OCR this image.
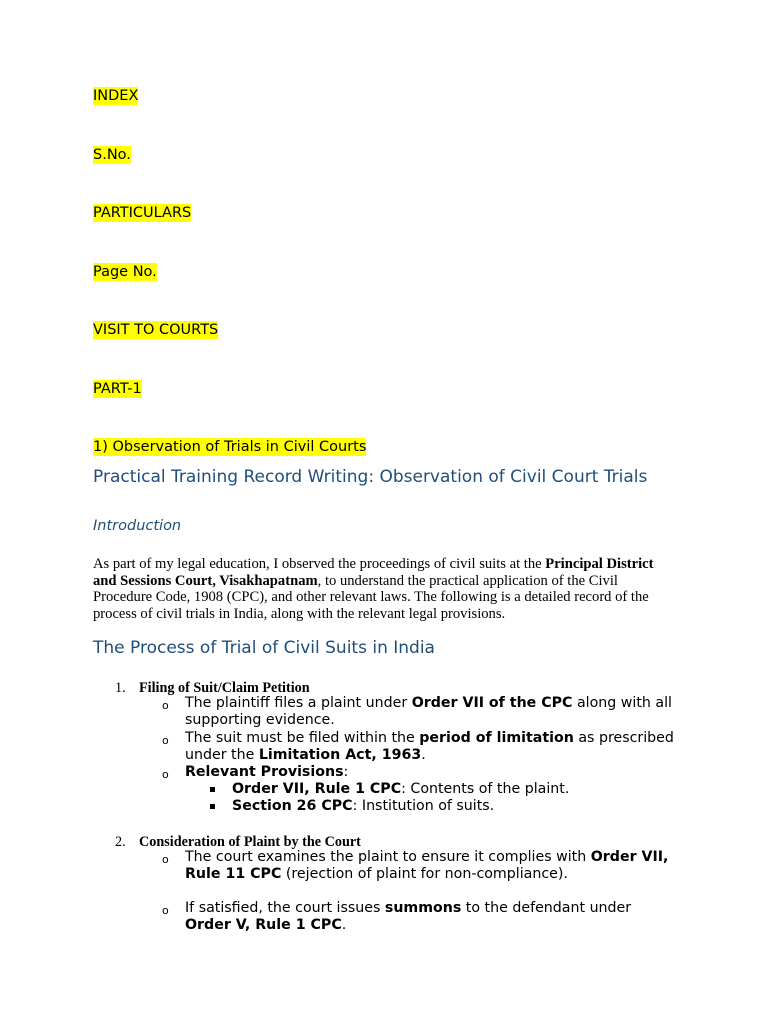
INDEX
S.No.
PARTICULARS
Page No.
VISIT TO COURTS
PART-1
1) Observation of Trials in Civil Courts
Practical Training Record Writing: Observation of Civil Court Trials
Introduction
As part of my legal education, I observed the proceedings of civil suits at the Principal District and Sessions Court, Visakhapatnam, to understand the practical application of the Civil Procedure Code, 1908 (CPC), and other relevant laws. The following is a detailed record of the process of civil trials in India, along with the relevant legal provisions.
The Process of Trial of Civil Suits in India
1. Filing of Suit/Claim Petition
o The plaintiff files a plaint under Order VII of the CPC along with all supporting evidence.
o The suit must be filed within the period of limitation as prescribed under the Limitation Act, 1963.
o Relevant Provisions:
Order VII, Rule 1 CPC: Contents of the plaint.
Section 26 CPC: Institution of suits.
2. Consideration of Plaint by the Court
o The court examines the plaint to ensure it complies with Order VII, Rule 11 CPC (rejection of plaint for non-compliance).
o If satisfied, the court issues summons to the defendant under Order V, Rule 1 CPC.
